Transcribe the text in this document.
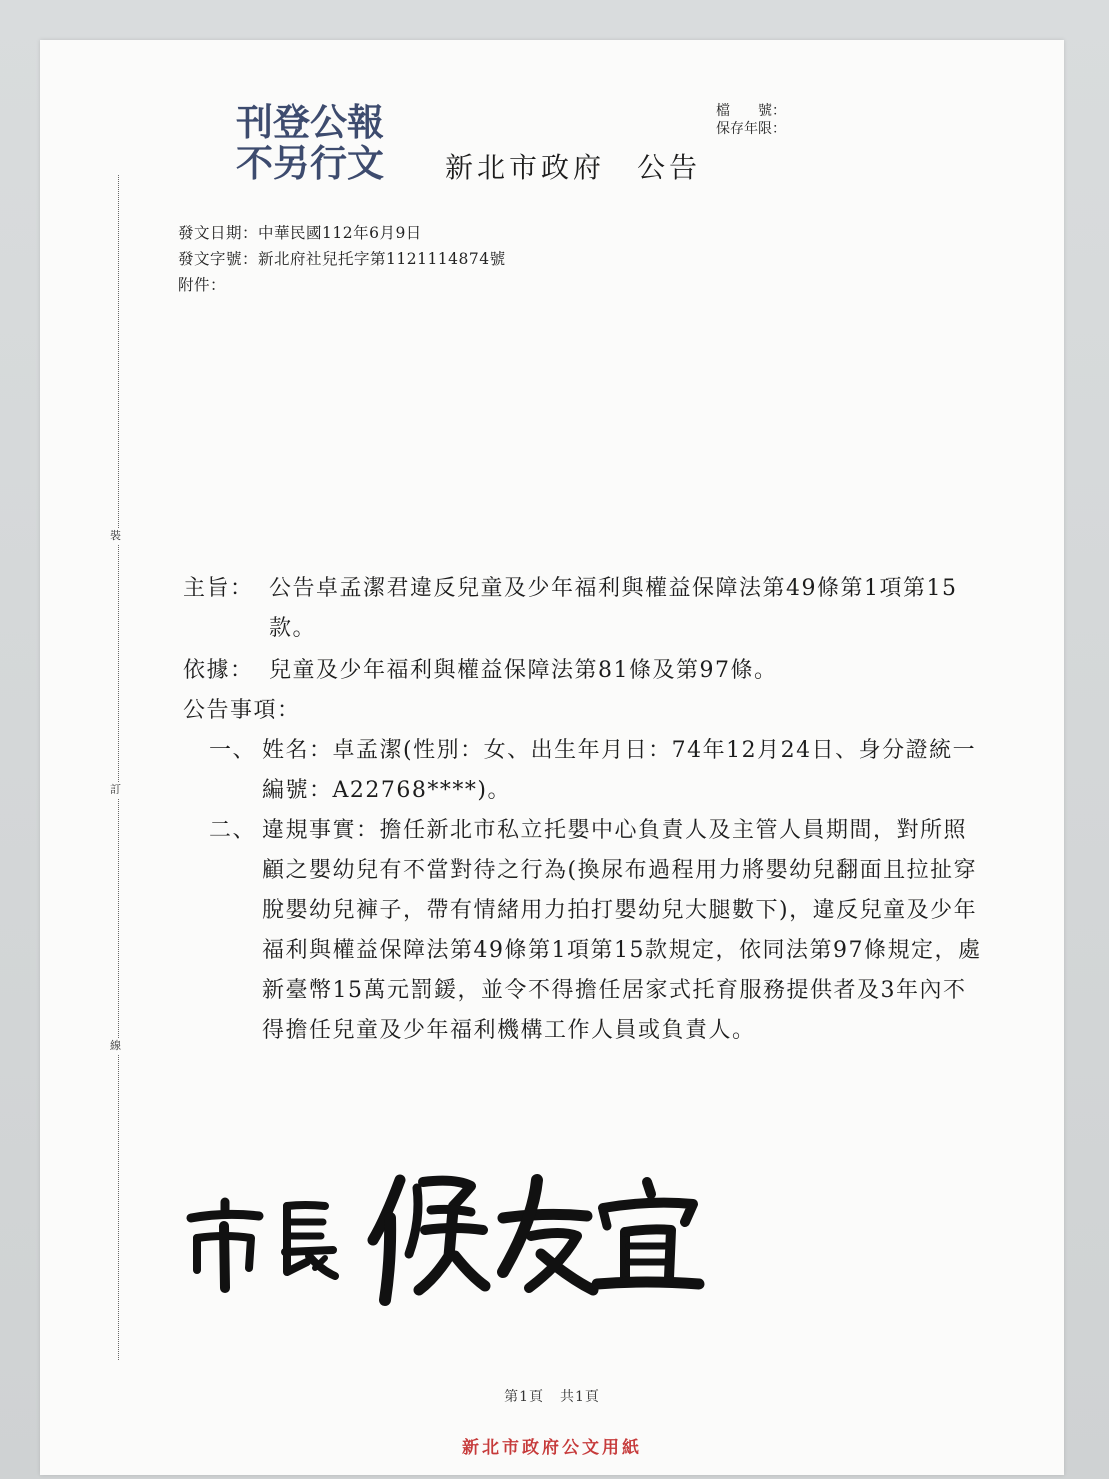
裝
訂
線
刊登公報
不另行文
檔　　號：
保存年限：
新北市政府　公告
發文日期：中華民國112年6月9日
發文字號：新北府社兒托字第1121114874號
附件：
主旨： 公告卓孟潔君違反兒童及少年福利與權益保障法第49條第1項第15款。
依據： 兒童及少年福利與權益保障法第81條及第97條。
公告事項：
一、 姓名：卓孟潔(性別：女、出生年月日：74年12月24日、身分證統一編號：A22768****)。
二、 違規事實：擔任新北市私立托嬰中心負責人及主管人員期間，對所照顧之嬰幼兒有不當對待之行為(換尿布過程用力將嬰幼兒翻面且拉扯穿脫嬰幼兒褲子，帶有情緒用力拍打嬰幼兒大腿數下)，違反兒童及少年福利與權益保障法第49條第1項第15款規定，依同法第97條規定，處新臺幣15萬元罰鍰，並令不得擔任居家式托育服務提供者及3年內不得擔任兒童及少年福利機構工作人員或負責人。
第1頁 共1頁
新北市政府公文用紙
